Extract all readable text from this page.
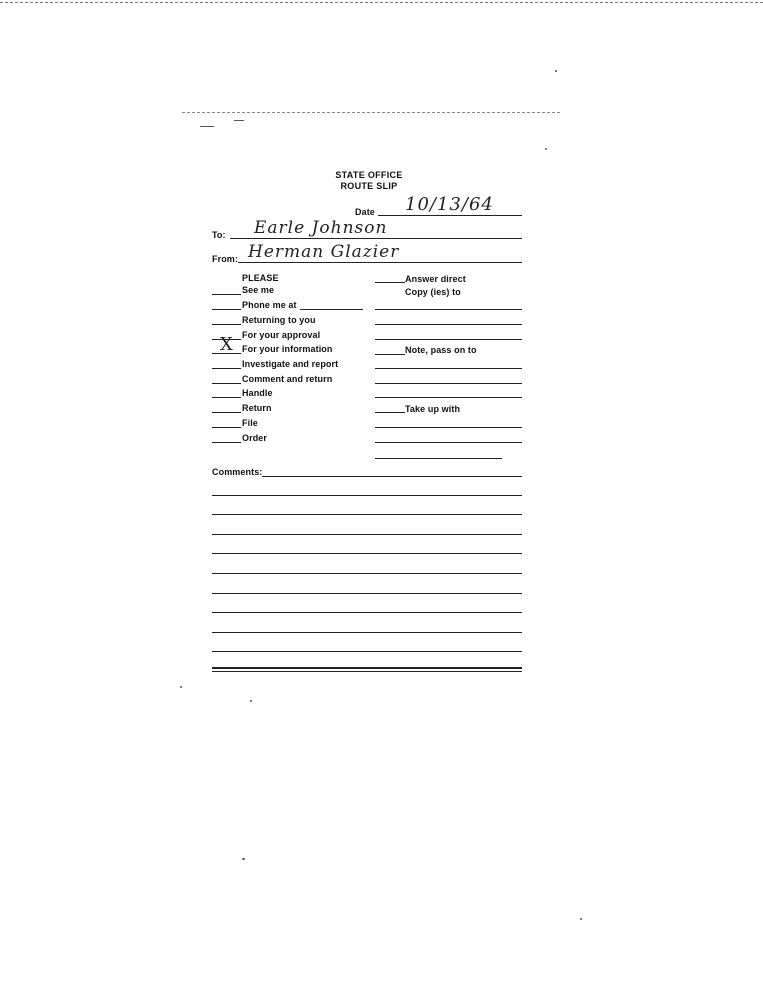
STATE OFFICE
ROUTE SLIP
Date 10/13/64
To: Earle Johnson
From: Herman Glazier
PLEASE
See me
Phone me at
Returning to you
For your approval
For your information
X
Investigate and report
Comment and return
Handle
Return
File
Order
Answer direct
Copy (ies) to
Note, pass on to
Take up with
Comments:
